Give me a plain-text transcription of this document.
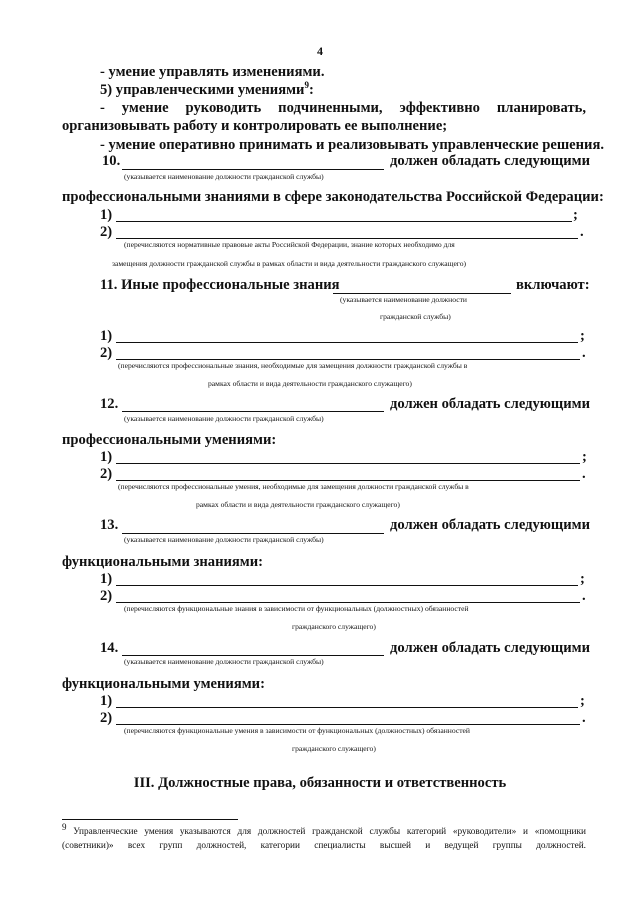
4
- умение управлять изменениями.
5) управленческими умениями$^9$:
- умение руководить подчиненными, эффективно планировать,
организовывать работу и контролировать ее выполнение;
- умение оперативно принимать и реализовывать управленческие решения.
10.	должен обладать следующими
(указывается наименование должности гражданской службы)
профессиональными знаниями в сфере законодательства Российской Федерации:
1)	;
2)	.
(перечисляются нормативные правовые акты Российской Федерации, знание которых необходимо для
замещения должности гражданской службы в рамках области и вида деятельности гражданского служащего)
11. Иные профессиональные знания	включают:
(указывается наименование должности
гражданской службы)
1)	;
2)	.
(перечисляются профессиональные знания, необходимые для замещения должности гражданской службы в
рамках области и вида деятельности гражданского служащего)
12.	должен обладать следующими
(указывается наименование должности гражданской службы)
профессиональными умениями:
1)	;
2)	.
(перечисляются профессиональные умения, необходимые для замещения должности гражданской службы в
рамках области и вида деятельности гражданского служащего)
13.	должен обладать следующими
(указывается наименование должности гражданской службы)
функциональными знаниями:
1)	;
2)	.
(перечисляются функциональные знания в зависимости от функциональных (должностных) обязанностей
гражданского служащего)
14.	должен обладать следующими
(указывается наименование должности гражданской службы)
функциональными умениями:
1)	;
2)	.
(перечисляются функциональные умения в зависимости от функциональных (должностных) обязанностей
гражданского служащего)
III. Должностные права, обязанности и ответственность
$^9$ Управленческие умения указываются для должностей гражданской службы категорий «руководители» и «помощники (советники)» всех групп должностей, категории специалисты высшей и ведущей группы должностей.
